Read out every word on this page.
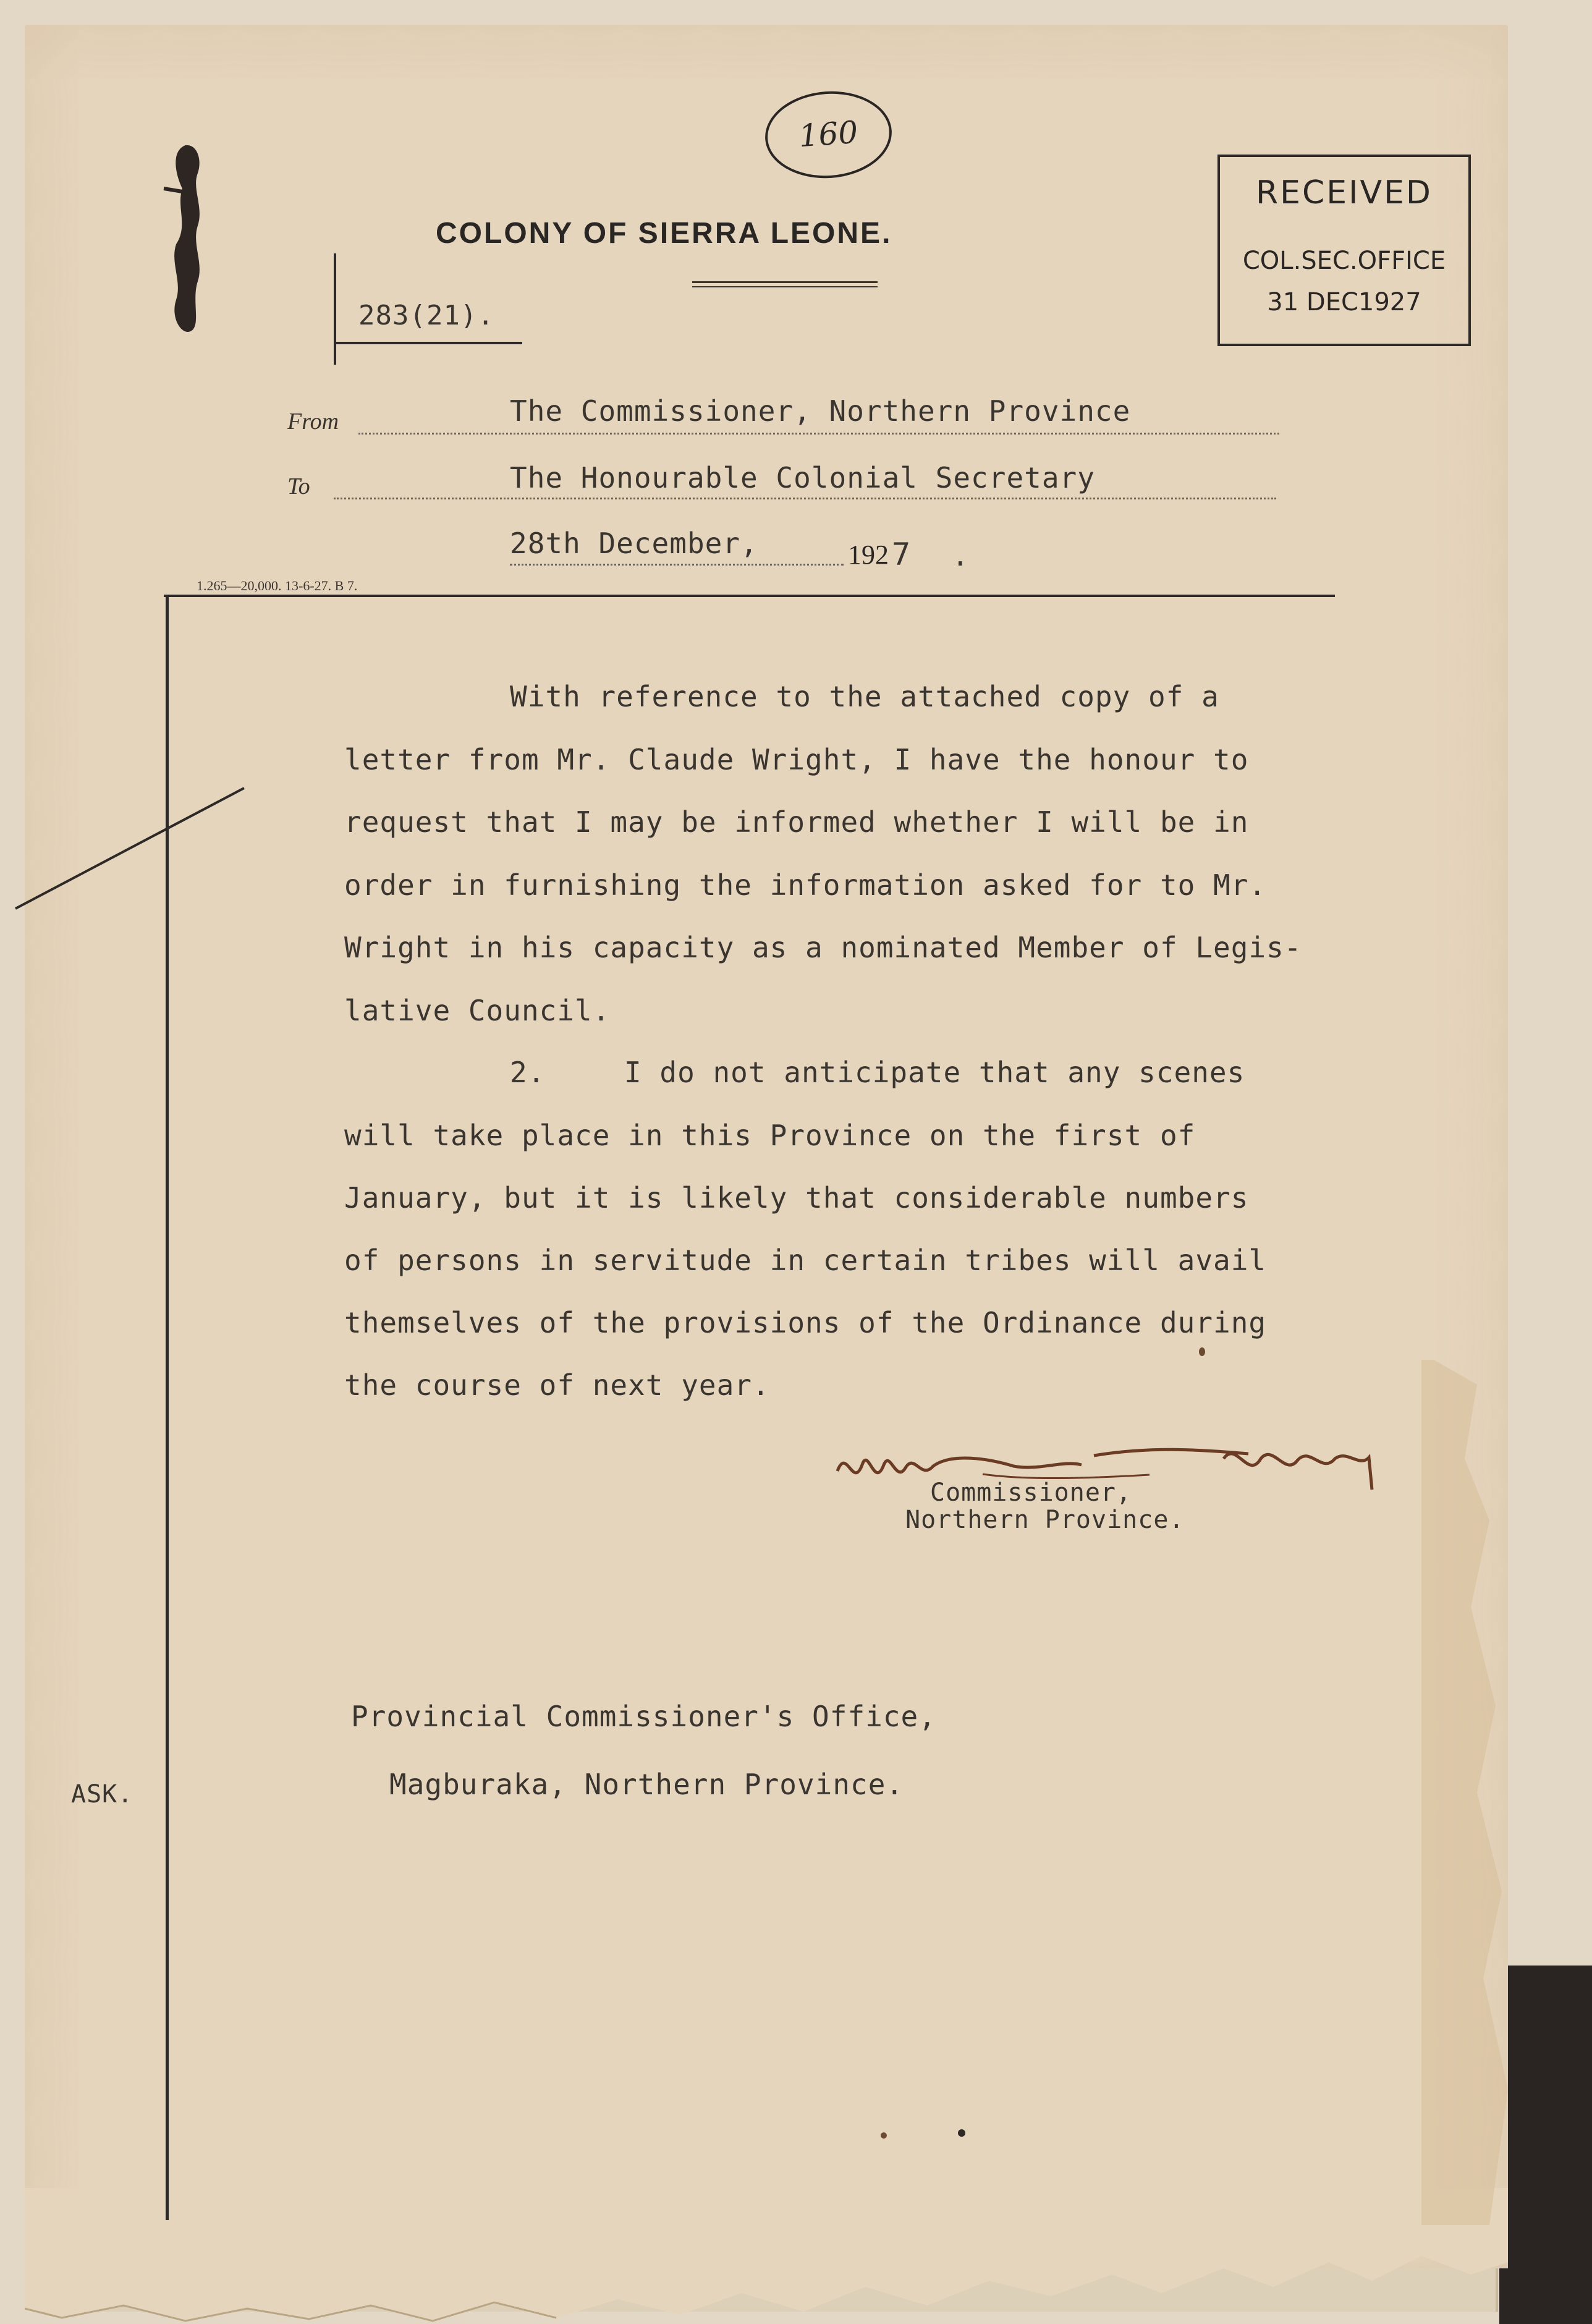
160
RECEIVED
COL.SEC.OFFICE
31 DEC1927
COLONY OF SIERRA LEONE.
283(21).
From	The Commissioner, Northern Province
To	The Honourable Colonial Secretary
28th December,	192 7 .
1.265—20,000. 13-6-27. B 7.
With reference to the attached copy of a
letter from Mr. Claude Wright, I have the honour to
request that I may be informed whether I will be in
order in furnishing the information asked for to Mr.
Wright in his capacity as a nominated Member of Legis-
lative Council.
2.	I do not anticipate that any scenes
will take place in this Province on the first of
January, but it is likely that considerable numbers
of persons in servitude in certain tribes will avail
themselves of the provisions of the Ordinance during
the course of next year.
Commissioner,
Northern Province.
Provincial Commissioner's Office,
Magburaka, Northern Province.
ASK.
